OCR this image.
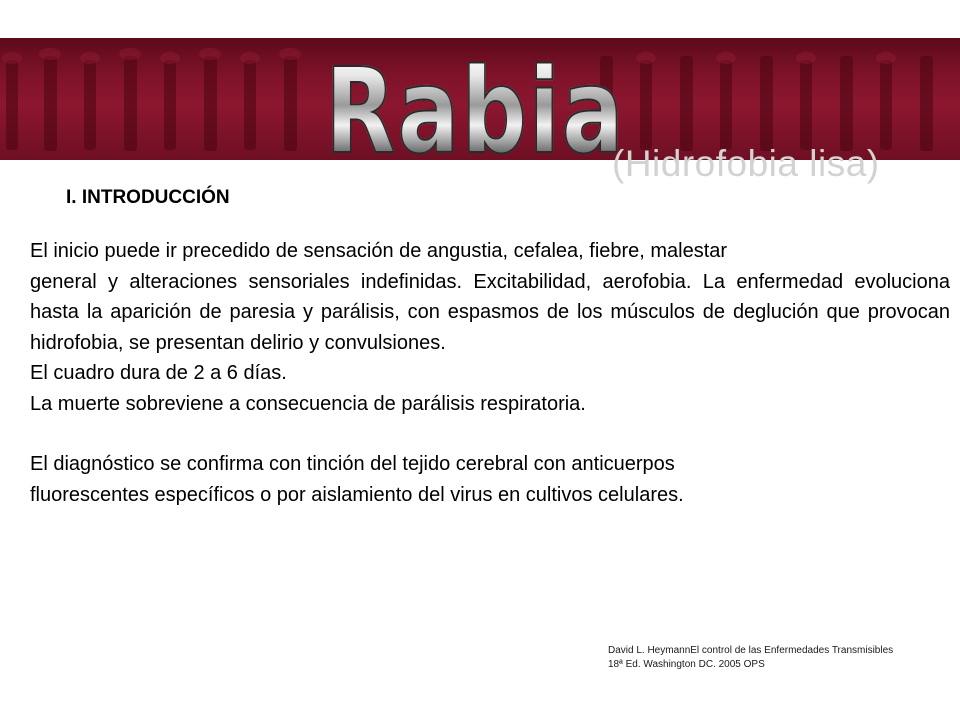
Rabia
(Hidrofobia lisa)
I. INTRODUCCIÓN

El inicio puede ir precedido de sensación de angustia, cefalea, fiebre, malestar

general y alteraciones sensoriales indefinidas. Excitabilidad, aerofobia. La enfermedad evoluciona hasta la aparición de paresia y parálisis, con espasmos de los músculos de deglución que provocan hidrofobia, se presentan delirio y convulsiones.

El cuadro dura de 2 a 6 días.

La muerte sobreviene a consecuencia de parálisis respiratoria.

El diagnóstico se confirma con tinción del tejido cerebral con anticuerpos

fluorescentes específicos o por aislamiento del virus en cultivos celulares.

David L. HeymannEl control de las Enfermedades Transmisibles
18ª Ed. Washington DC. 2005 OPS
